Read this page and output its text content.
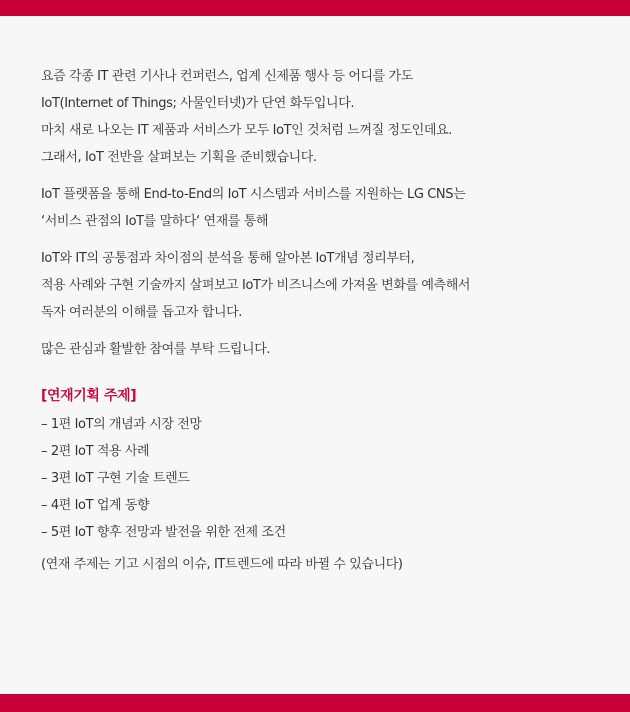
요즘 각종 IT 관련 기사나 컨퍼런스, 업계 신제품 행사 등 어디를 가도

IoT(Internet of Things; 사물인터넷)가 단연 화두입니다.

마치 새로 나오는 IT 제품과 서비스가 모두 IoT인 것처럼 느껴질 정도인데요.

그래서, IoT 전반을 살펴보는 기획을 준비했습니다.

IoT 플랫폼을 통해 End-to-End의 IoT 시스템과 서비스를 지원하는 LG CNS는

‘서비스 관점의 IoT를 말하다‘ 연재를 통해

IoT와 IT의 공통점과 차이점의 분석을 통해 알아본 IoT개념 정리부터,

적용 사례와 구현 기술까지 살펴보고 IoT가 비즈니스에 가져올 변화를 예측해서

독자 여러분의 이해를 돕고자 합니다.

많은 관심과 활발한 참여를 부탁 드립니다.

[연재기획 주제]

– 1편 IoT의 개념과 시장 전망

– 2편 IoT 적용 사례

– 3편 IoT 구현 기술 트렌드

– 4편 IoT 업계 동향

– 5편 IoT 향후 전망과 발전을 위한 전제 조건

(연재 주제는 기고 시점의 이슈, IT트렌드에 따라 바뀔 수 있습니다)
